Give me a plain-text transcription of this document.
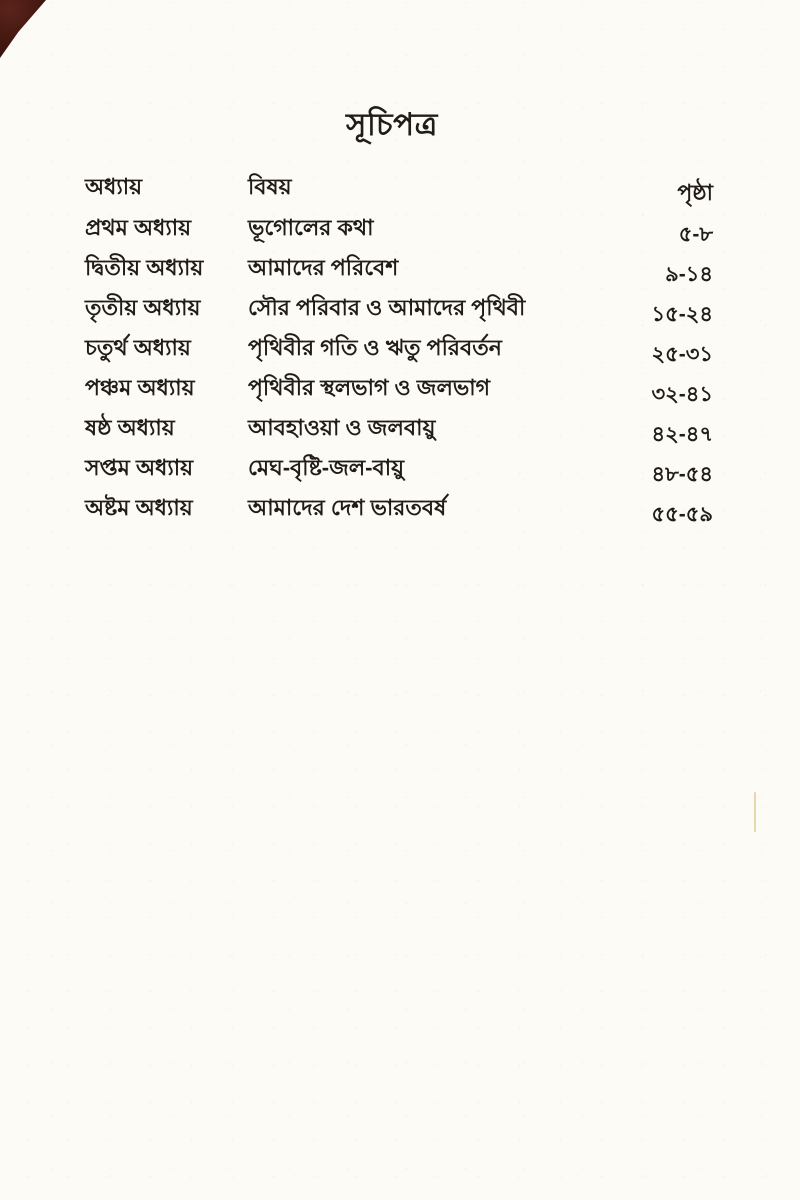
সূচিপত্র
অধ্যায়	বিষয়	পৃষ্ঠা
প্রথম অধ্যায়	ভূগোলের কথা	৫-৮
দ্বিতীয় অধ্যায়	আমাদের পরিবেশ	৯-১৪
তৃতীয় অধ্যায়	সৌর পরিবার ও আমাদের পৃথিবী	১৫-২৪
চতুর্থ অধ্যায়	পৃথিবীর গতি ও ঋতু পরিবর্তন	২৫-৩১
পঞ্চম অধ্যায়	পৃথিবীর স্থলভাগ ও জলভাগ	৩২-৪১
ষষ্ঠ অধ্যায়	আবহাওয়া ও জলবায়ু	৪২-৪৭
সপ্তম অধ্যায়	মেঘ-বৃষ্টি-জল-বায়ু	৪৮-৫৪
অষ্টম অধ্যায়	আমাদের দেশ ভারতবর্ষ	৫৫-৫৯
